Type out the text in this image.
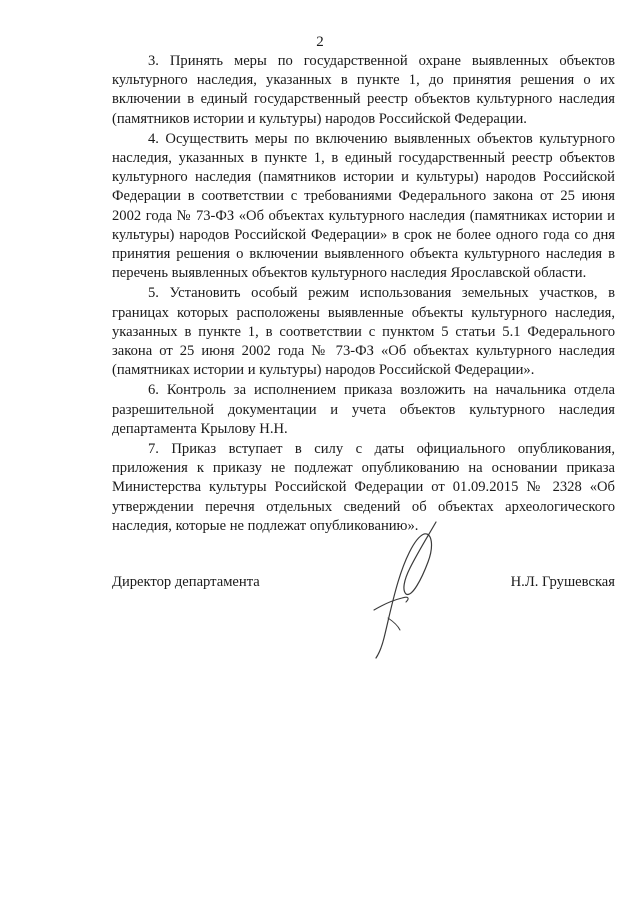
2

3. Принять меры по государственной охране выявленных объектов культурного наследия, указанных в пункте 1, до принятия решения о их включении в единый государственный реестр объектов культурного наследия (памятников истории и культуры) народов Российской Федерации.

4. Осуществить меры по включению выявленных объектов культурного наследия, указанных в пункте 1, в единый государственный реестр объектов культурного наследия (памятников истории и культуры) народов Российской Федерации в соответствии с требованиями Федерального закона от 25 июня 2002 года № 73-ФЗ «Об объектах культурного наследия (памятниках истории и культуры) народов Российской Федерации» в срок не более одного года со дня принятия решения о включении выявленного объекта культурного наследия в перечень выявленных объектов культурного наследия Ярославской области.

5. Установить особый режим использования земельных участков, в границах которых расположены выявленные объекты культурного наследия, указанных в пункте 1, в соответствии с пунктом 5 статьи 5.1 Федерального закона от 25 июня 2002 года № 73-ФЗ «Об объектах культурного наследия (памятниках истории и культуры) народов Российской Федерации».

6. Контроль за исполнением приказа возложить на начальника отдела разрешительной документации и учета объектов культурного наследия департамента Крылову Н.Н.

7. Приказ вступает в силу с даты официального опубликования, приложения к приказу не подлежат опубликованию на основании приказа Министерства культуры Российской Федерации от 01.09.2015 № 2328 «Об утверждении перечня отдельных сведений об объектах археологического наследия, которые не подлежат опубликованию».

Директор департамента	Н.Л. Грушевская
